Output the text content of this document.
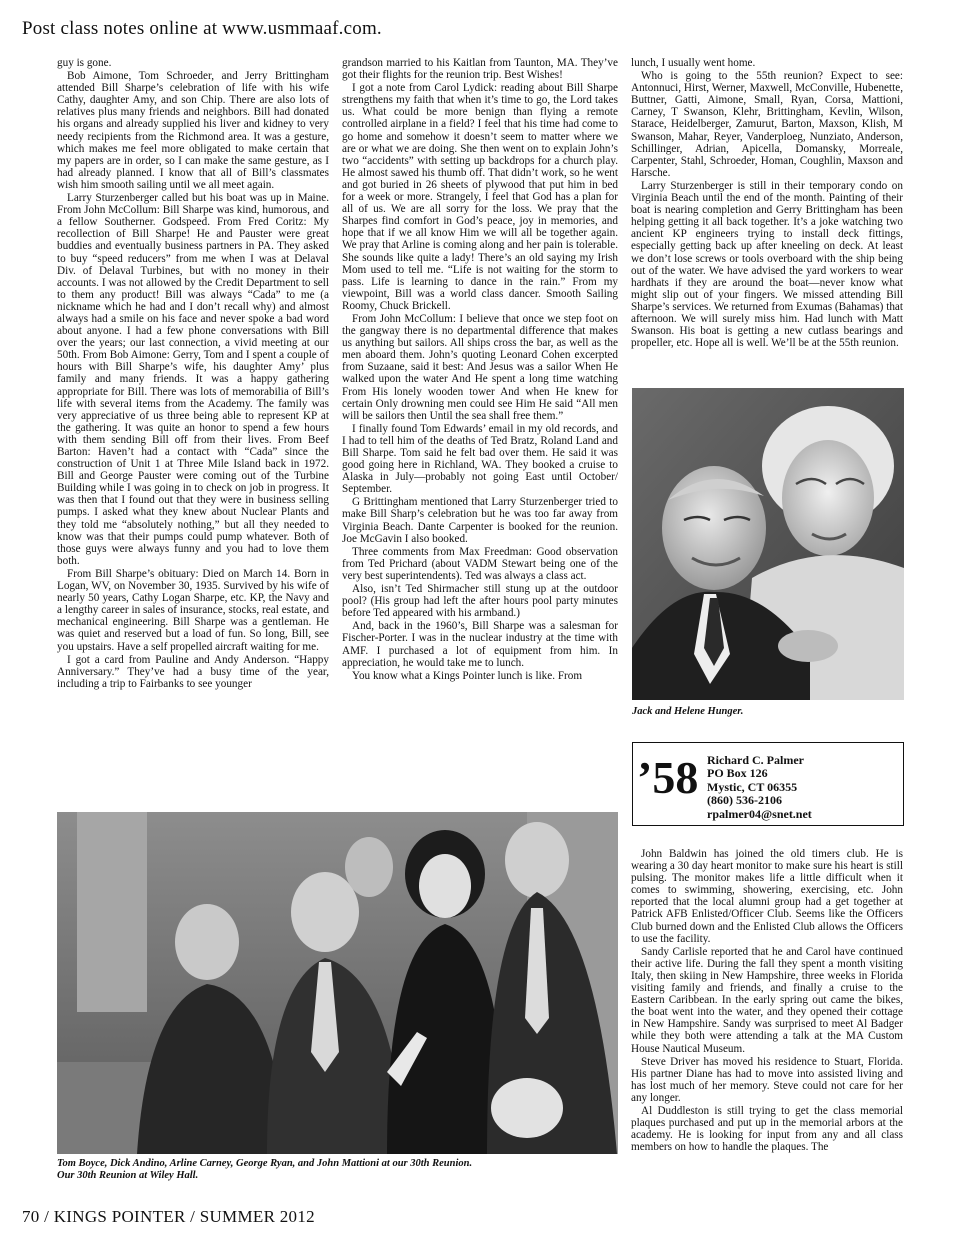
Post class notes online at www.usmmaaf.com.

guy is gone.

Bob Aimone, Tom Schroeder, and Jerry Brittingham attended Bill Sharpe’s celebration of life with his wife Cathy, daughter Amy, and son Chip. There are also lots of relatives plus many friends and neighbors. Bill had donated his organs and already supplied his liver and kidney to very needy recipients from the Richmond area. It was a gesture, which makes me feel more obligated to make certain that my papers are in order, so I can make the same gesture, as I had already planned. I know that all of Bill’s classmates wish him smooth sailing until we all meet again.

Larry Sturzenberger called but his boat was up in Maine. From John McCollum: Bill Sharpe was kind, humorous, and a fellow Southerner. Godspeed. From Fred Coritz: My recollection of Bill Sharpe! He and Pauster were great buddies and eventually business partners in PA. They asked to buy “speed reducers” from me when I was at Delaval Div. of Delaval Turbines, but with no money in their accounts. I was not allowed by the Credit Department to sell to them any product! Bill was always “Cada” to me (a nickname which he had and I don’t recall why) and almost always had a smile on his face and never spoke a bad word about anyone. I had a few phone conversations with Bill over the years; our last connection, a vivid meeting at our 50th. From Bob Aimone: Gerry, Tom and I spent a couple of hours with Bill Sharpe’s wife, his daughter Amy’ plus family and many friends. It was a happy gathering appropriate for Bill. There was lots of memorabilia of Bill’s life with several items from the Academy. The family was very appreciative of us three being able to represent KP at the gathering. It was quite an honor to spend a few hours with them sending Bill off from their lives. From Beef Barton: Haven’t had a contact with “Cada” since the construction of Unit 1 at Three Mile Island back in 1972. Bill and George Pauster were coming out of the Turbine Building while I was going in to check on job in progress. It was then that I found out that they were in business selling pumps. I asked what they knew about Nuclear Plants and they told me “absolutely nothing,” but all they needed to know was that their pumps could pump whatever. Both of those guys were always funny and you had to love them both.

From Bill Sharpe’s obituary: Died on March 14. Born in Logan, WV, on November 30, 1935. Survived by his wife of nearly 50 years, Cathy Logan Sharpe, etc. KP, the Navy and a lengthy career in sales of insurance, stocks, real estate, and mechanical engineering. Bill Sharpe was a gentleman. He was quiet and reserved but a load of fun. So long, Bill, see you upstairs. Have a self propelled aircraft waiting for me.

I got a card from Pauline and Andy Anderson. “Happy Anniversary.” They’ve had a busy time of the year, including a trip to Fairbanks to see younger

grandson married to his Kaitlan from Taunton, MA. They’ve got their flights for the reunion trip. Best Wishes!

I got a note from Carol Lydick: reading about Bill Sharpe strengthens my faith that when it’s time to go, the Lord takes us. What could be more benign than flying a remote controlled airplane in a field? I feel that his time had come to go home and somehow it doesn’t seem to matter where we are or what we are doing. She then went on to explain John’s two “accidents” with setting up backdrops for a church play. He almost sawed his thumb off. That didn’t work, so he went and got buried in 26 sheets of plywood that put him in bed for a week or more. Strangely, I feel that God has a plan for all of us. We are all sorry for the loss. We pray that the Sharpes find comfort in God’s peace, joy in memories, and hope that if we all know Him we will all be together again. We pray that Arline is coming along and her pain is tolerable. She sounds like quite a lady! There’s an old saying my Irish Mom used to tell me. “Life is not waiting for the storm to pass. Life is learning to dance in the rain.” From my viewpoint, Bill was a world class dancer. Smooth Sailing Roomy, Chuck Brickell.

From John McCollum: I believe that once we step foot on the gangway there is no departmental difference that makes us anything but sailors. All ships cross the bar, as well as the men aboard them. John’s quoting Leonard Cohen excerpted from Suzaane, said it best: And Jesus was a sailor When He walked upon the water And He spent a long time watching From His lonely wooden tower And when He knew for certain Only drowning men could see Him He said “All men will be sailors then Until the sea shall free them.”

I finally found Tom Edwards’ email in my old records, and I had to tell him of the deaths of Ted Bratz, Roland Land and Bill Sharpe. Tom said he felt bad over them. He said it was good going here in Richland, WA. They booked a cruise to Alaska in July—probably not going East until October/ September.

G Brittingham mentioned that Larry Sturzenberger tried to make Bill Sharp’s celebration but he was too far away from Virginia Beach. Dante Carpenter is booked for the reunion. Joe McGavin I also booked.

Three comments from Max Freedman: Good observation from Ted Prichard (about VADM Stewart being one of the very best superintendents). Ted was always a class act.

Also, isn’t Ted Shirmacher still stung up at the outdoor pool? (His group had left the after hours pool party minutes before Ted appeared with his armband.)

And, back in the 1960’s, Bill Sharpe was a salesman for Fischer-Porter. I was in the nuclear industry at the time with AMF. I purchased a lot of equipment from him. In appreciation, he would take me to lunch.

You know what a Kings Pointer lunch is like. From

lunch, I usually went home.

Who is going to the 55th reunion? Expect to see: Antonnuci, Hirst, Werner, Maxwell, McConville, Hubenette, Buttner, Gatti, Aimone, Small, Ryan, Corsa, Mattioni, Carney, T Swanson, Klehr, Brittingham, Kevlin, Wilson, Starace, Heidelberger, Zamurut, Barton, Maxson, Klish, M Swanson, Mahar, Reyer, Vanderploeg, Nunziato, Anderson, Schillinger, Adrian, Apicella, Domansky, Morreale, Carpenter, Stahl, Schroeder, Homan, Coughlin, Maxson and Harsche.

Larry Sturzenberger is still in their temporary condo on Virginia Beach until the end of the month. Painting of their boat is nearing completion and Gerry Brittingham has been helping getting it all back together. It’s a joke watching two ancient KP engineers trying to install deck fittings, especially getting back up after kneeling on deck. At least we don’t lose screws or tools overboard with the ship being out of the water. We have advised the yard workers to wear hardhats if they are around the boat—never know what might slip out of your fingers. We missed attending Bill Sharpe’s services. We returned from Exumas (Bahamas) that afternoon. We will surely miss him. Had lunch with Matt Swanson. His boat is getting a new cutlass bearings and propeller, etc. Hope all is well. We’ll be at the 55th reunion.

Jack and Helene Hunger.
’58 Richard C. Palmer
PO Box 126
Mystic, CT 06355
(860) 536-2106
rpalmer04@snet.net

John Baldwin has joined the old timers club. He is wearing a 30 day heart monitor to make sure his heart is still pulsing. The monitor makes life a little difficult when it comes to swimming, showering, exercising, etc. John reported that the local alumni group had a get together at Patrick AFB Enlisted/Officer Club. Seems like the Officers Club burned down and the Enlisted Club allows the Officers to use the facility.

Sandy Carlisle reported that he and Carol have continued their active life. During the fall they spent a month visiting Italy, then skiing in New Hampshire, three weeks in Florida visiting family and friends, and finally a cruise to the Eastern Caribbean. In the early spring out came the bikes, the boat went into the water, and they opened their cottage in New Hampshire. Sandy was surprised to meet Al Badger while they both were attending a talk at the MA Custom House Nautical Museum.

Steve Driver has moved his residence to Stuart, Florida. His partner Diane has had to move into assisted living and has lost much of her memory. Steve could not care for her any longer.

Al Duddleston is still trying to get the class memorial plaques purchased and put up in the memorial arbors at the academy. He is looking for input from any and all class members on how to handle the plaques. The

Tom Boyce, Dick Andino, Arline Carney, George Ryan, and John Mattioni at our 30th Reunion.
Our 30th Reunion at Wiley Hall.
70 / KINGS POINTER / SUMMER 2012
